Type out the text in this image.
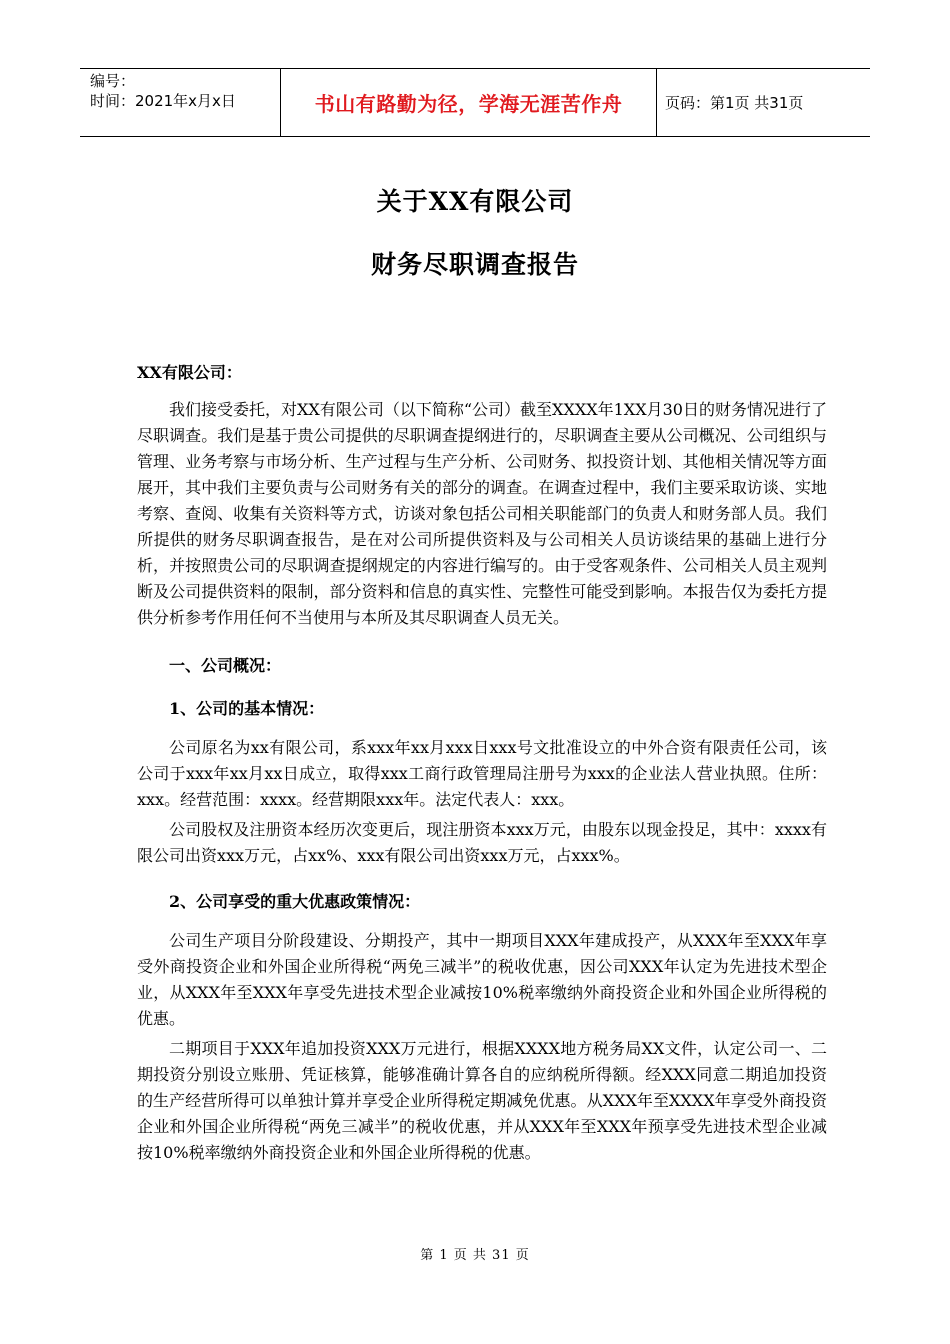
编号：
时间：2021年x月x日	书山有路勤为径，学海无涯苦作舟	页码：第1页 共31页
关于XX有限公司
财务尽职调查报告
XX有限公司：

我们接受委托，对XX有限公司（以下简称“公司）截至XXXX年1XX月30日的财务情况进行了尽职调查。我们是基于贵公司提供的尽职调查提纲进行的，尽职调查主要从公司概况、公司组织与管理、业务考察与市场分析、生产过程与生产分析、公司财务、拟投资计划、其他相关情况等方面展开，其中我们主要负责与公司财务有关的部分的调查。在调查过程中，我们主要采取访谈、实地考察、查阅、收集有关资料等方式，访谈对象包括公司相关职能部门的负责人和财务部人员。我们所提供的财务尽职调查报告，是在对公司所提供资料及与公司相关人员访谈结果的基础上进行分析，并按照贵公司的尽职调查提纲规定的内容进行编写的。由于受客观条件、公司相关人员主观判断及公司提供资料的限制，部分资料和信息的真实性、完整性可能受到影响。本报告仅为委托方提供分析参考作用任何不当使用与本所及其尽职调查人员无关。

一、公司概况：

1、公司的基本情况：

公司原名为xx有限公司，系xxx年xx月xxx日xxx号文批准设立的中外合资有限责任公司，该公司于xxx年xx月xx日成立，取得xxx工商行政管理局注册号为xxx的企业法人营业执照。住所：xxx。经营范围：xxxx。经营期限xxx年。法定代表人：xxx。

公司股权及注册资本经历次变更后，现注册资本xxx万元，由股东以现金投足，其中：xxxx有限公司出资xxx万元，占xx%、xxx有限公司出资xxx万元，占xxx%。

2、公司享受的重大优惠政策情况：

公司生产项目分阶段建设、分期投产，其中一期项目XXX年建成投产，从XXX年至XXX年享受外商投资企业和外国企业所得税“两免三减半”的税收优惠，因公司XXX年认定为先进技术型企业，从XXX年至XXX年享受先进技术型企业减按10%税率缴纳外商投资企业和外国企业所得税的优惠。

二期项目于XXX年追加投资XXX万元进行，根据XXXX地方税务局XX文件，认定公司一、二期投资分别设立账册、凭证核算，能够准确计算各自的应纳税所得额。经XXX同意二期追加投资的生产经营所得可以单独计算并享受企业所得税定期减免优惠。从XXX年至XXXX年享受外商投资企业和外国企业所得税“两免三减半”的税收优惠，并从XXX年至XXX年预享受先进技术型企业减按10%税率缴纳外商投资企业和外国企业所得税的优惠。

第 1 页 共 31 页
